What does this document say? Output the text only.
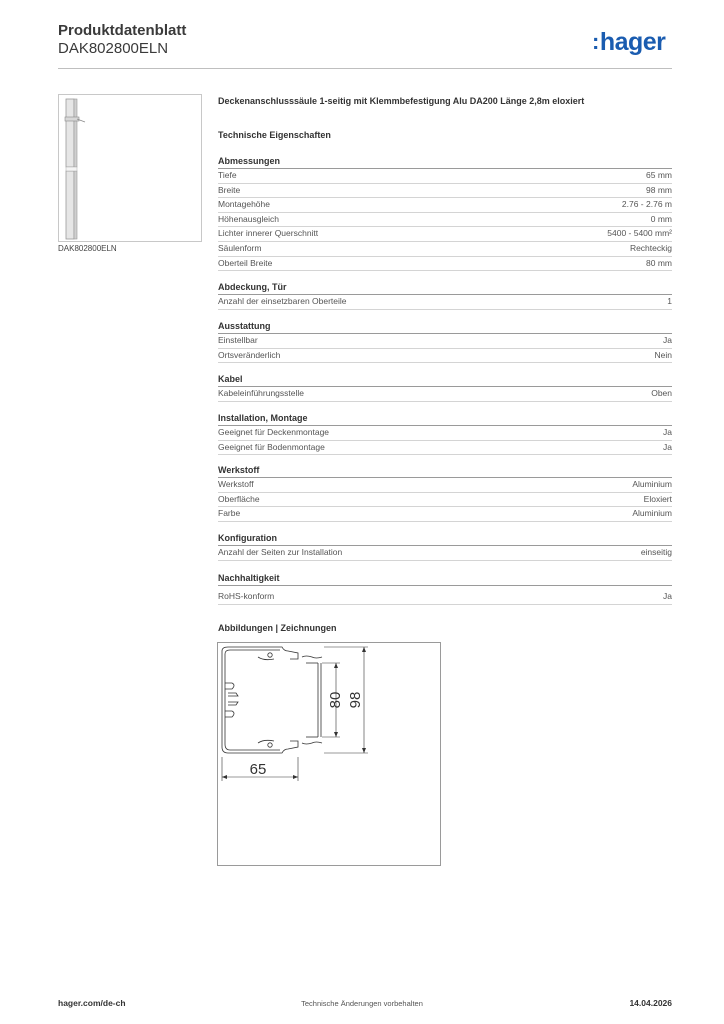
Produktdatenblatt
DAK802800ELN	:hager
DAK802800ELN
Deckenanschlusssäule 1-seitig mit Klemmbefestigung Alu DA200 Länge 2,8m eloxiert
Technische Eigenschaften
Abmessungen
Tiefe	65 mm
Breite	98 mm
Montagehöhe	2.76 - 2.76 m
Höhenausgleich	0 mm
Lichter innerer Querschnitt	5400 - 5400 mm²
Säulenform	Rechteckig
Oberteil Breite	80 mm
Abdeckung, Tür
Anzahl der einsetzbaren Oberteile	1
Ausstattung
Einstellbar	Ja
Ortsveränderlich	Nein
Kabel
Kabeleinführungsstelle	Oben
Installation, Montage
Geeignet für Deckenmontage	Ja
Geeignet für Bodenmontage	Ja
Werkstoff
Werkstoff	Aluminium
Oberfläche	Eloxiert
Farbe	Aluminium
Konfiguration
Anzahl der Seiten zur Installation	einseitig
Nachhaltigkeit
RoHS-konform	Ja
Abbildungen | Zeichnungen
80 98
65
hager.com/de-ch	Technische Änderungen vorbehalten	14.04.2026
